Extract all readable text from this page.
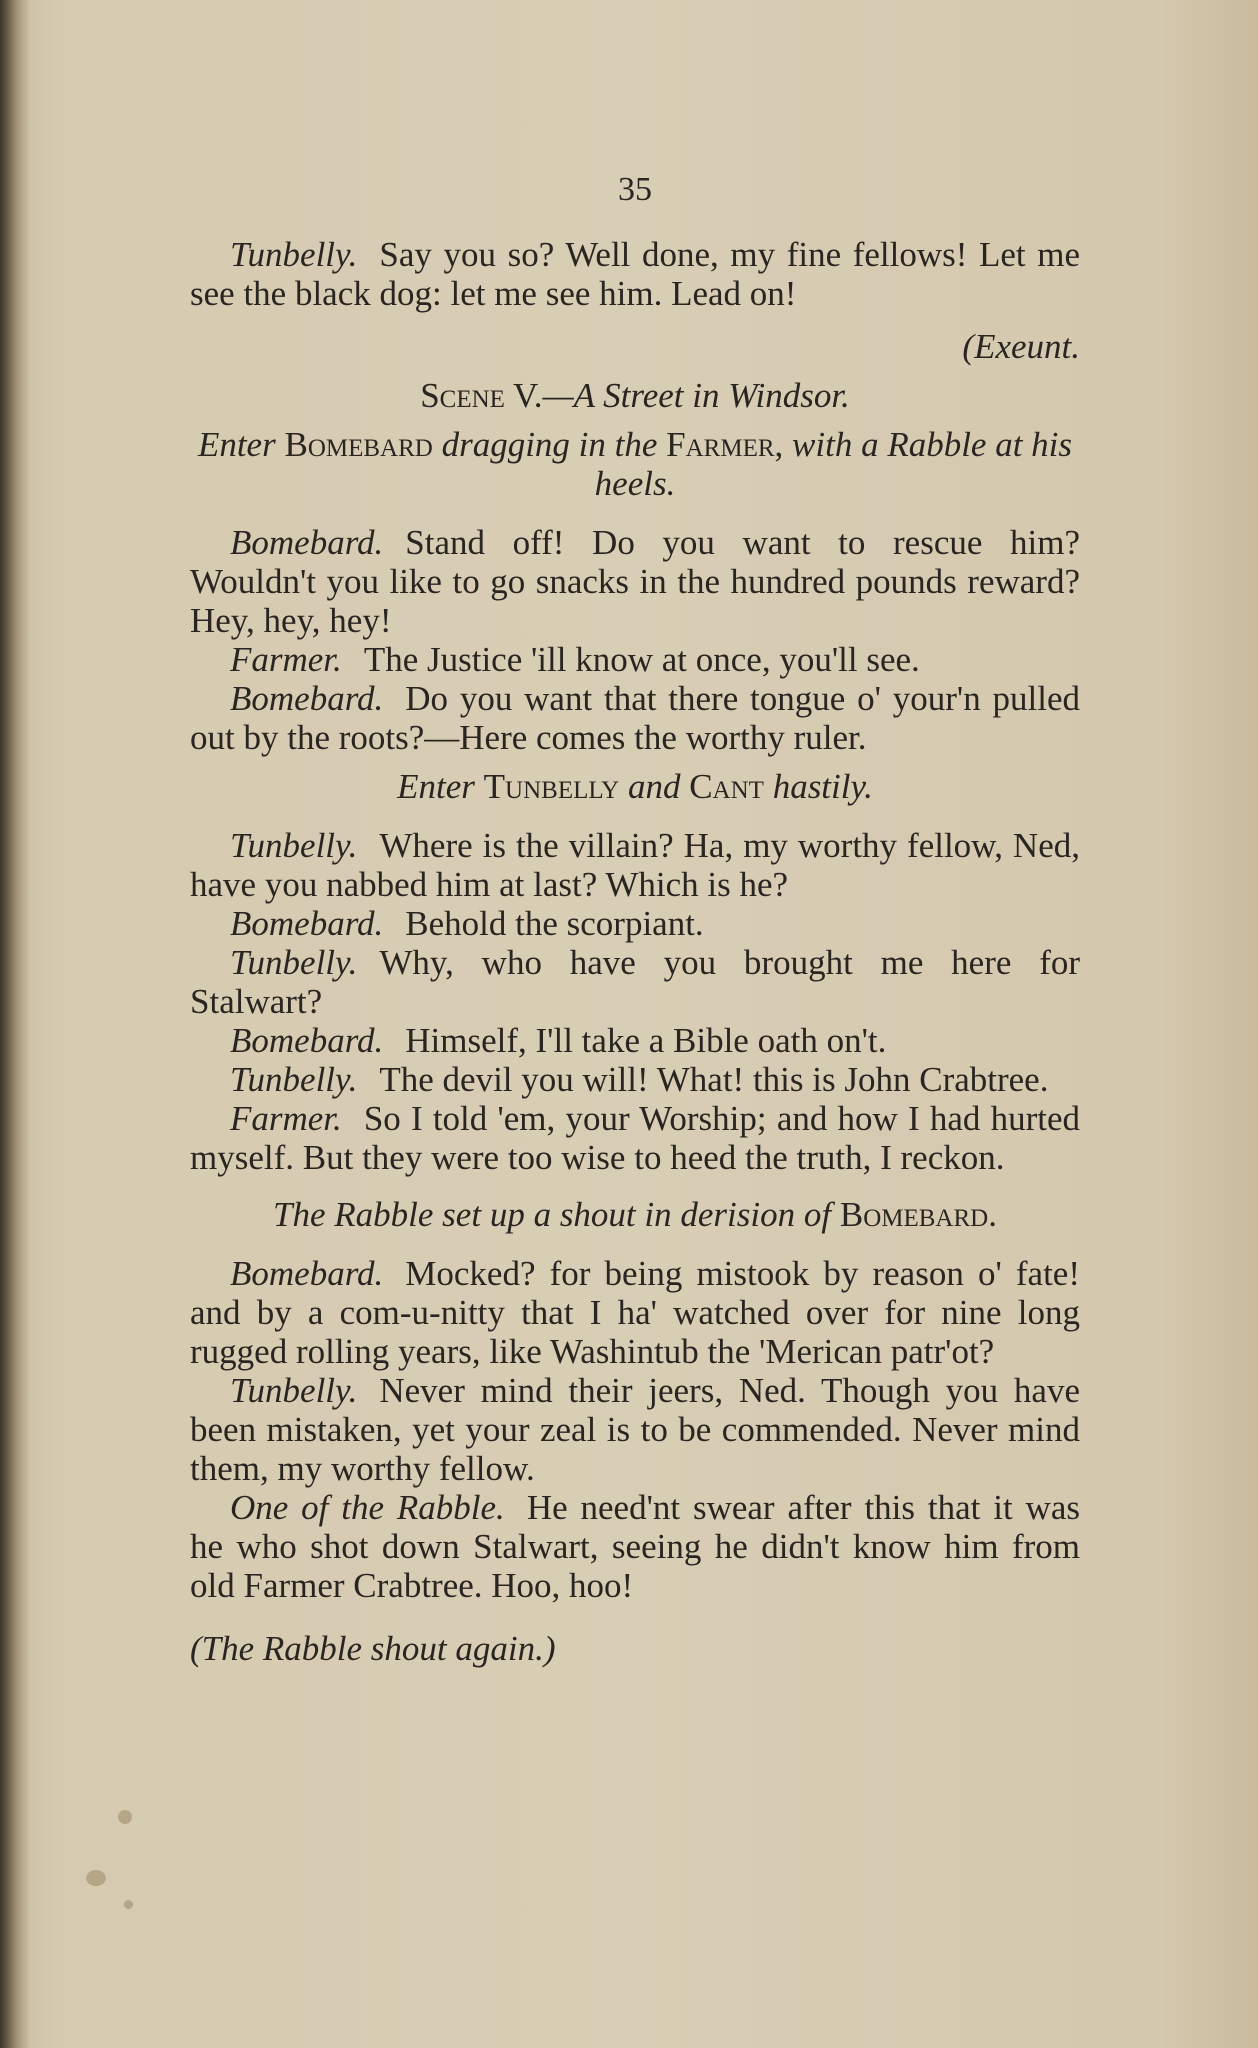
35

Tunbelly. Say you so? Well done, my fine fellows! Let me see the black dog: let me see him. Lead on!

(Exeunt.

Scene V.—A Street in Windsor.

Enter Bomebard dragging in the Farmer, with a Rabble at his heels.

Bomebard. Stand off! Do you want to rescue him? Wouldn't you like to go snacks in the hundred pounds reward? Hey, hey, hey!

Farmer. The Justice 'ill know at once, you'll see.

Bomebard. Do you want that there tongue o' your'n pulled out by the roots?—Here comes the worthy ruler.

Enter Tunbelly and Cant hastily.

Tunbelly. Where is the villain? Ha, my worthy fellow, Ned, have you nabbed him at last? Which is he?

Bomebard. Behold the scorpiant.

Tunbelly. Why, who have you brought me here for Stalwart?

Bomebard. Himself, I'll take a Bible oath on't.

Tunbelly. The devil you will! What! this is John Crabtree.

Farmer. So I told 'em, your Worship; and how I had hurted myself. But they were too wise to heed the truth, I reckon.

The Rabble set up a shout in derision of Bomebard.

Bomebard. Mocked? for being mistook by reason o' fate! and by a com-u-nitty that I ha' watched over for nine long rugged rolling years, like Washintub the 'Merican patr'ot?

Tunbelly. Never mind their jeers, Ned. Though you have been mistaken, yet your zeal is to be commended. Never mind them, my worthy fellow.

One of the Rabble. He need'nt swear after this that it was he who shot down Stalwart, seeing he didn't know him from old Farmer Crabtree. Hoo, hoo!

(The Rabble shout again.)
